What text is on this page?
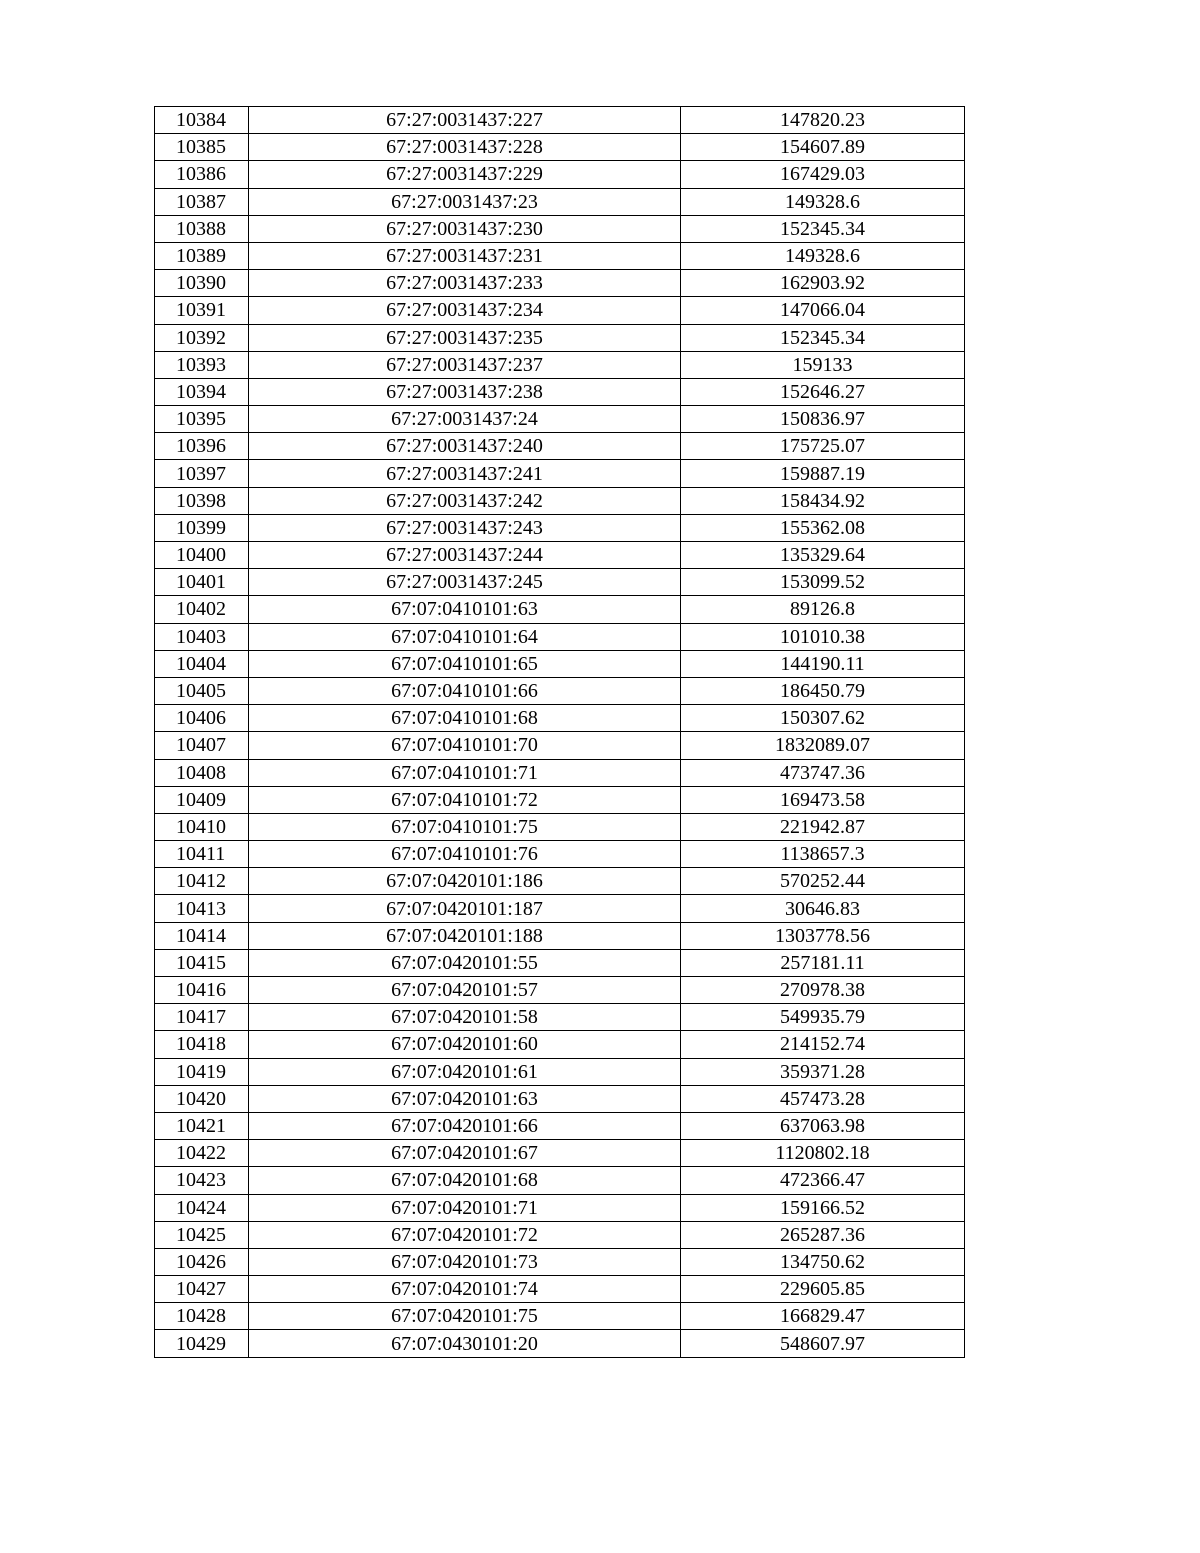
10384	67:27:0031437:227	147820.23
10385	67:27:0031437:228	154607.89
10386	67:27:0031437:229	167429.03
10387	67:27:0031437:23	149328.6
10388	67:27:0031437:230	152345.34
10389	67:27:0031437:231	149328.6
10390	67:27:0031437:233	162903.92
10391	67:27:0031437:234	147066.04
10392	67:27:0031437:235	152345.34
10393	67:27:0031437:237	159133
10394	67:27:0031437:238	152646.27
10395	67:27:0031437:24	150836.97
10396	67:27:0031437:240	175725.07
10397	67:27:0031437:241	159887.19
10398	67:27:0031437:242	158434.92
10399	67:27:0031437:243	155362.08
10400	67:27:0031437:244	135329.64
10401	67:27:0031437:245	153099.52
10402	67:07:0410101:63	89126.8
10403	67:07:0410101:64	101010.38
10404	67:07:0410101:65	144190.11
10405	67:07:0410101:66	186450.79
10406	67:07:0410101:68	150307.62
10407	67:07:0410101:70	1832089.07
10408	67:07:0410101:71	473747.36
10409	67:07:0410101:72	169473.58
10410	67:07:0410101:75	221942.87
10411	67:07:0410101:76	1138657.3
10412	67:07:0420101:186	570252.44
10413	67:07:0420101:187	30646.83
10414	67:07:0420101:188	1303778.56
10415	67:07:0420101:55	257181.11
10416	67:07:0420101:57	270978.38
10417	67:07:0420101:58	549935.79
10418	67:07:0420101:60	214152.74
10419	67:07:0420101:61	359371.28
10420	67:07:0420101:63	457473.28
10421	67:07:0420101:66	637063.98
10422	67:07:0420101:67	1120802.18
10423	67:07:0420101:68	472366.47
10424	67:07:0420101:71	159166.52
10425	67:07:0420101:72	265287.36
10426	67:07:0420101:73	134750.62
10427	67:07:0420101:74	229605.85
10428	67:07:0420101:75	166829.47
10429	67:07:0430101:20	548607.97
